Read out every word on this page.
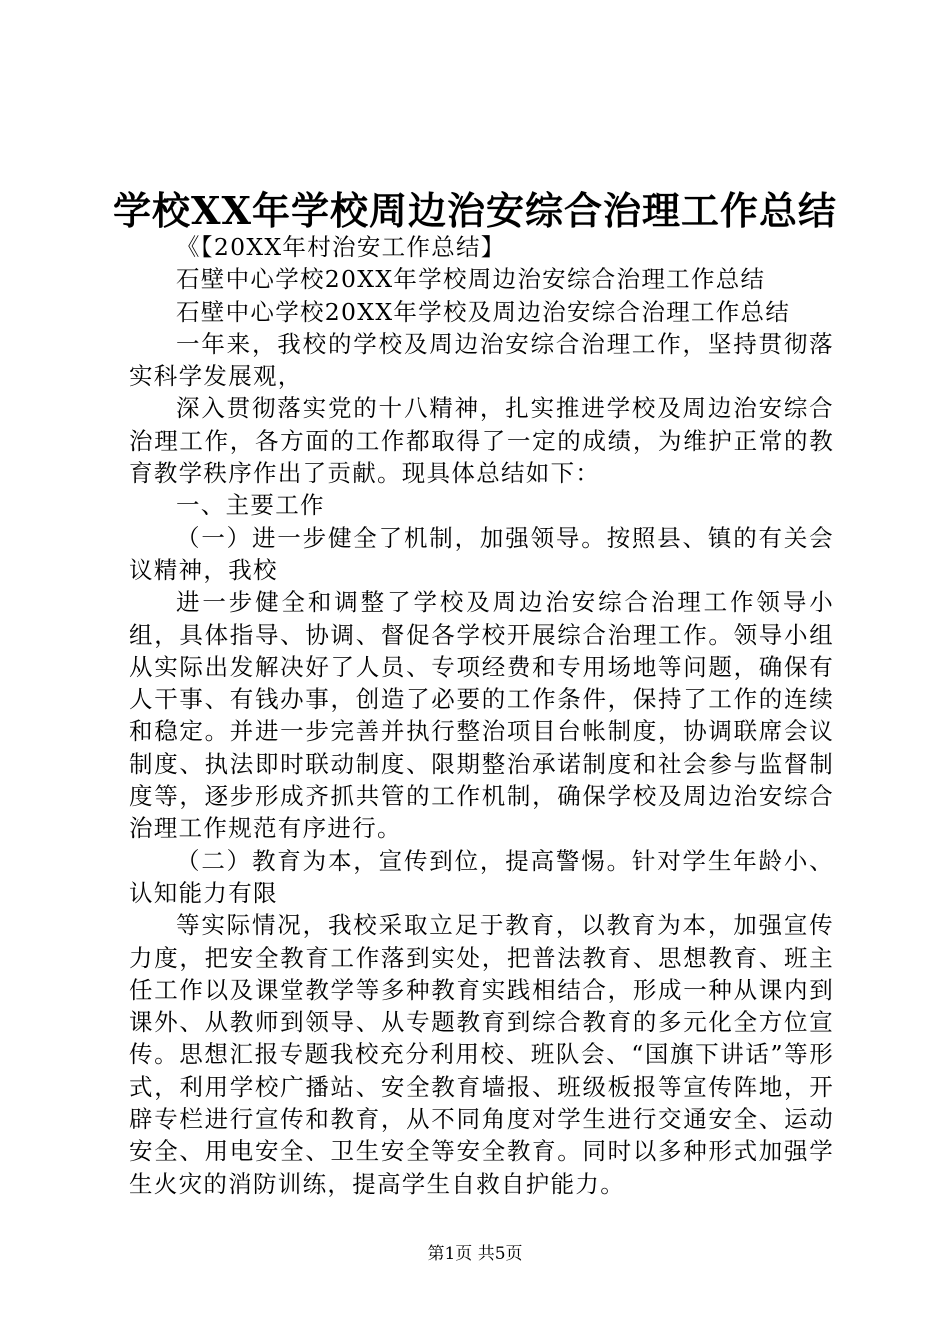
学校XX年学校周边治安综合治理工作总结

《【20XX年村治安工作总结】

石壁中心学校20XX年学校周边治安综合治理工作总结

石壁中心学校20XX年学校及周边治安综合治理工作总结

一年来，我校的学校及周边治安综合治理工作，坚持贯彻落实科学发展观，

深入贯彻落实党的十八精神，扎实推进学校及周边治安综合治理工作，各方面的工作都取得了一定的成绩，为维护正常的教育教学秩序作出了贡献。现具体总结如下：

一、主要工作

（一）进一步健全了机制，加强领导。按照县、镇的有关会议精神，我校

进一步健全和调整了学校及周边治安综合治理工作领导小组，具体指导、协调、督促各学校开展综合治理工作。领导小组从实际出发解决好了人员、专项经费和专用场地等问题，确保有人干事、有钱办事，创造了必要的工作条件，保持了工作的连续和稳定。并进一步完善并执行整治项目台帐制度，协调联席会议制度、执法即时联动制度、限期整治承诺制度和社会参与监督制度等，逐步形成齐抓共管的工作机制，确保学校及周边治安综合治理工作规范有序进行。

（二）教育为本，宣传到位，提高警惕。针对学生年龄小、认知能力有限

等实际情况，我校采取立足于教育，以教育为本，加强宣传力度，把安全教育工作落到实处，把普法教育、思想教育、班主任工作以及课堂教学等多种教育实践相结合，形成一种从课内到课外、从教师到领导、从专题教育到综合教育的多元化全方位宣传。思想汇报专题我校充分利用校、班队会、“国旗下讲话”等形式，利用学校广播站、安全教育墙报、班级板报等宣传阵地，开辟专栏进行宣传和教育，从不同角度对学生进行交通安全、运动安全、用电安全、卫生安全等安全教育。同时以多种形式加强学生火灾的消防训练，提高学生自救自护能力。

第1页 共5页
